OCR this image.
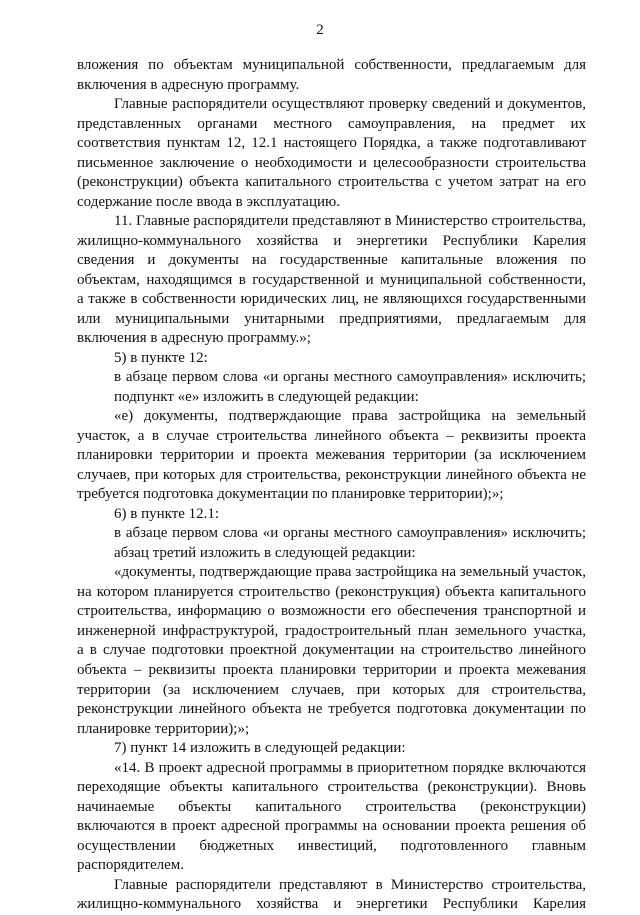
2
вложения по объектам муниципальной собственности, предлагаемым для
включения в адресную программу.
Главные распорядители осуществляют проверку сведений и документов,
представленных органами местного самоуправления, на предмет их
соответствия пунктам 12, 12.1 настоящего Порядка, а также подготавливают
письменное заключение о необходимости и целесообразности строительства
(реконструкции) объекта капитального строительства с учетом затрат на его
содержание после ввода в эксплуатацию.
11. Главные распорядители представляют в Министерство строительства,
жилищно-коммунального хозяйства и энергетики Республики Карелия
сведения и документы на государственные капитальные вложения по
объектам, находящимся в государственной и муниципальной собственности,
а также в собственности юридических лиц, не являющихся государственными
или муниципальными унитарными предприятиями, предлагаемым для
включения в адресную программу.»;
5) в пункте 12:
в абзаце первом слова «и органы местного самоуправления» исключить;
подпункт «е» изложить в следующей редакции:
«е) документы, подтверждающие права застройщика на земельный
участок, а в случае строительства линейного объекта – реквизиты проекта
планировки территории и проекта межевания территории (за исключением
случаев, при которых для строительства, реконструкции линейного объекта не
требуется подготовка документации по планировке территории);»;
6) в пункте 12.1:
в абзаце первом слова «и органы местного самоуправления» исключить;
абзац третий изложить в следующей редакции:
«документы, подтверждающие права застройщика на земельный участок,
на котором планируется строительство (реконструкция) объекта капитального
строительства, информацию о возможности его обеспечения транспортной и
инженерной инфраструктурой, градостроительный план земельного участка,
а в случае подготовки проектной документации на строительство линейного
объекта – реквизиты проекта планировки территории и проекта межевания
территории (за исключением случаев, при которых для строительства,
реконструкции линейного объекта не требуется подготовка документации по
планировке территории);»;
7) пункт 14 изложить в следующей редакции:
«14. В проект адресной программы в приоритетном порядке включаются
переходящие объекты капитального строительства (реконструкции). Вновь
начинаемые объекты капитального строительства (реконструкции)
включаются в проект адресной программы на основании проекта решения об
осуществлении бюджетных инвестиций, подготовленного главным
распорядителем.
Главные распорядители представляют в Министерство строительства,
жилищно-коммунального хозяйства и энергетики Республики Карелия
